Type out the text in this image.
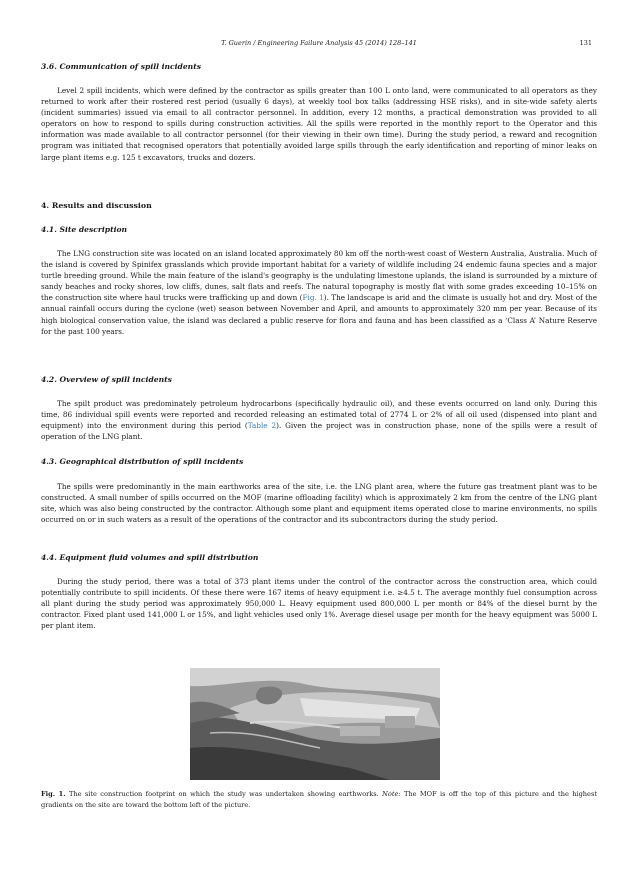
T. Guerin / Engineering Failure Analysis 45 (2014) 128–141	131
3.6. Communication of spill incidents

Level 2 spill incidents, which were defined by the contractor as spills greater than 100 L onto land, were communicated to all operators as they returned to work after their rostered rest period (usually 6 days), at weekly tool box talks (addressing HSE risks), and in site-wide safety alerts (incident summaries) issued via email to all contractor personnel. In addition, every 12 months, a practical demonstration was provided to all operators on how to respond to spills during construction activities. All the spills were reported in the monthly report to the Operator and this information was made available to all contractor personnel (for their viewing in their own time). During the study period, a reward and recognition program was initiated that recognised operators that potentially avoided large spills through the early identification and reporting of minor leaks on large plant items e.g. 125 t excavators, trucks and dozers.

4. Results and discussion
4.1. Site description

The LNG construction site was located on an island located approximately 80 km off the north-west coast of Western Australia, Australia. Much of the island is covered by Spinifex grasslands which provide important habitat for a variety of wildlife including 24 endemic fauna species and a major turtle breeding ground. While the main feature of the island's geography is the undulating limestone uplands, the island is surrounded by a mixture of sandy beaches and rocky shores, low cliffs, dunes, salt flats and reefs. The natural topography is mostly flat with some grades exceeding 10–15% on the construction site where haul trucks were trafficking up and down (Fig. 1). The landscape is arid and the climate is usually hot and dry. Most of the annual rainfall occurs during the cyclone (wet) season between November and April, and amounts to approximately 320 mm per year. Because of its high biological conservation value, the island was declared a public reserve for flora and fauna and has been classified as a ‘Class A’ Nature Reserve for the past 100 years.

4.2. Overview of spill incidents

The spilt product was predominately petroleum hydrocarbons (specifically hydraulic oil), and these events occurred on land only. During this time, 86 individual spill events were reported and recorded releasing an estimated total of 2774 L or 2% of all oil used (dispensed into plant and equipment) into the environment during this period (Table 2). Given the project was in construction phase, none of the spills were a result of operation of the LNG plant.

4.3. Geographical distribution of spill incidents

The spills were predominantly in the main earthworks area of the site, i.e. the LNG plant area, where the future gas treatment plant was to be constructed. A small number of spills occurred on the MOF (marine offloading facility) which is approximately 2 km from the centre of the LNG plant site, which was also being constructed by the contractor. Although some plant and equipment items operated close to marine environments, no spills occurred on or in such waters as a result of the operations of the contractor and its subcontractors during the study period.

4.4. Equipment fluid volumes and spill distribution

During the study period, there was a total of 373 plant items under the control of the contractor across the construction area, which could potentially contribute to spill incidents. Of these there were 167 items of heavy equipment i.e. ≥4.5 t. The average monthly fuel consumption across all plant during the study period was approximately 950,000 L. Heavy equipment used 800,000 L per month or 84% of the diesel burnt by the contractor. Fixed plant used 141,000 L or 15%, and light vehicles used only 1%. Average diesel usage per month for the heavy equipment was 5000 L per plant item.

Fig. 1. The site construction footprint on which the study was undertaken showing earthworks. Note: The MOF is off the top of this picture and the highest gradients on the site are toward the bottom left of the picture.
